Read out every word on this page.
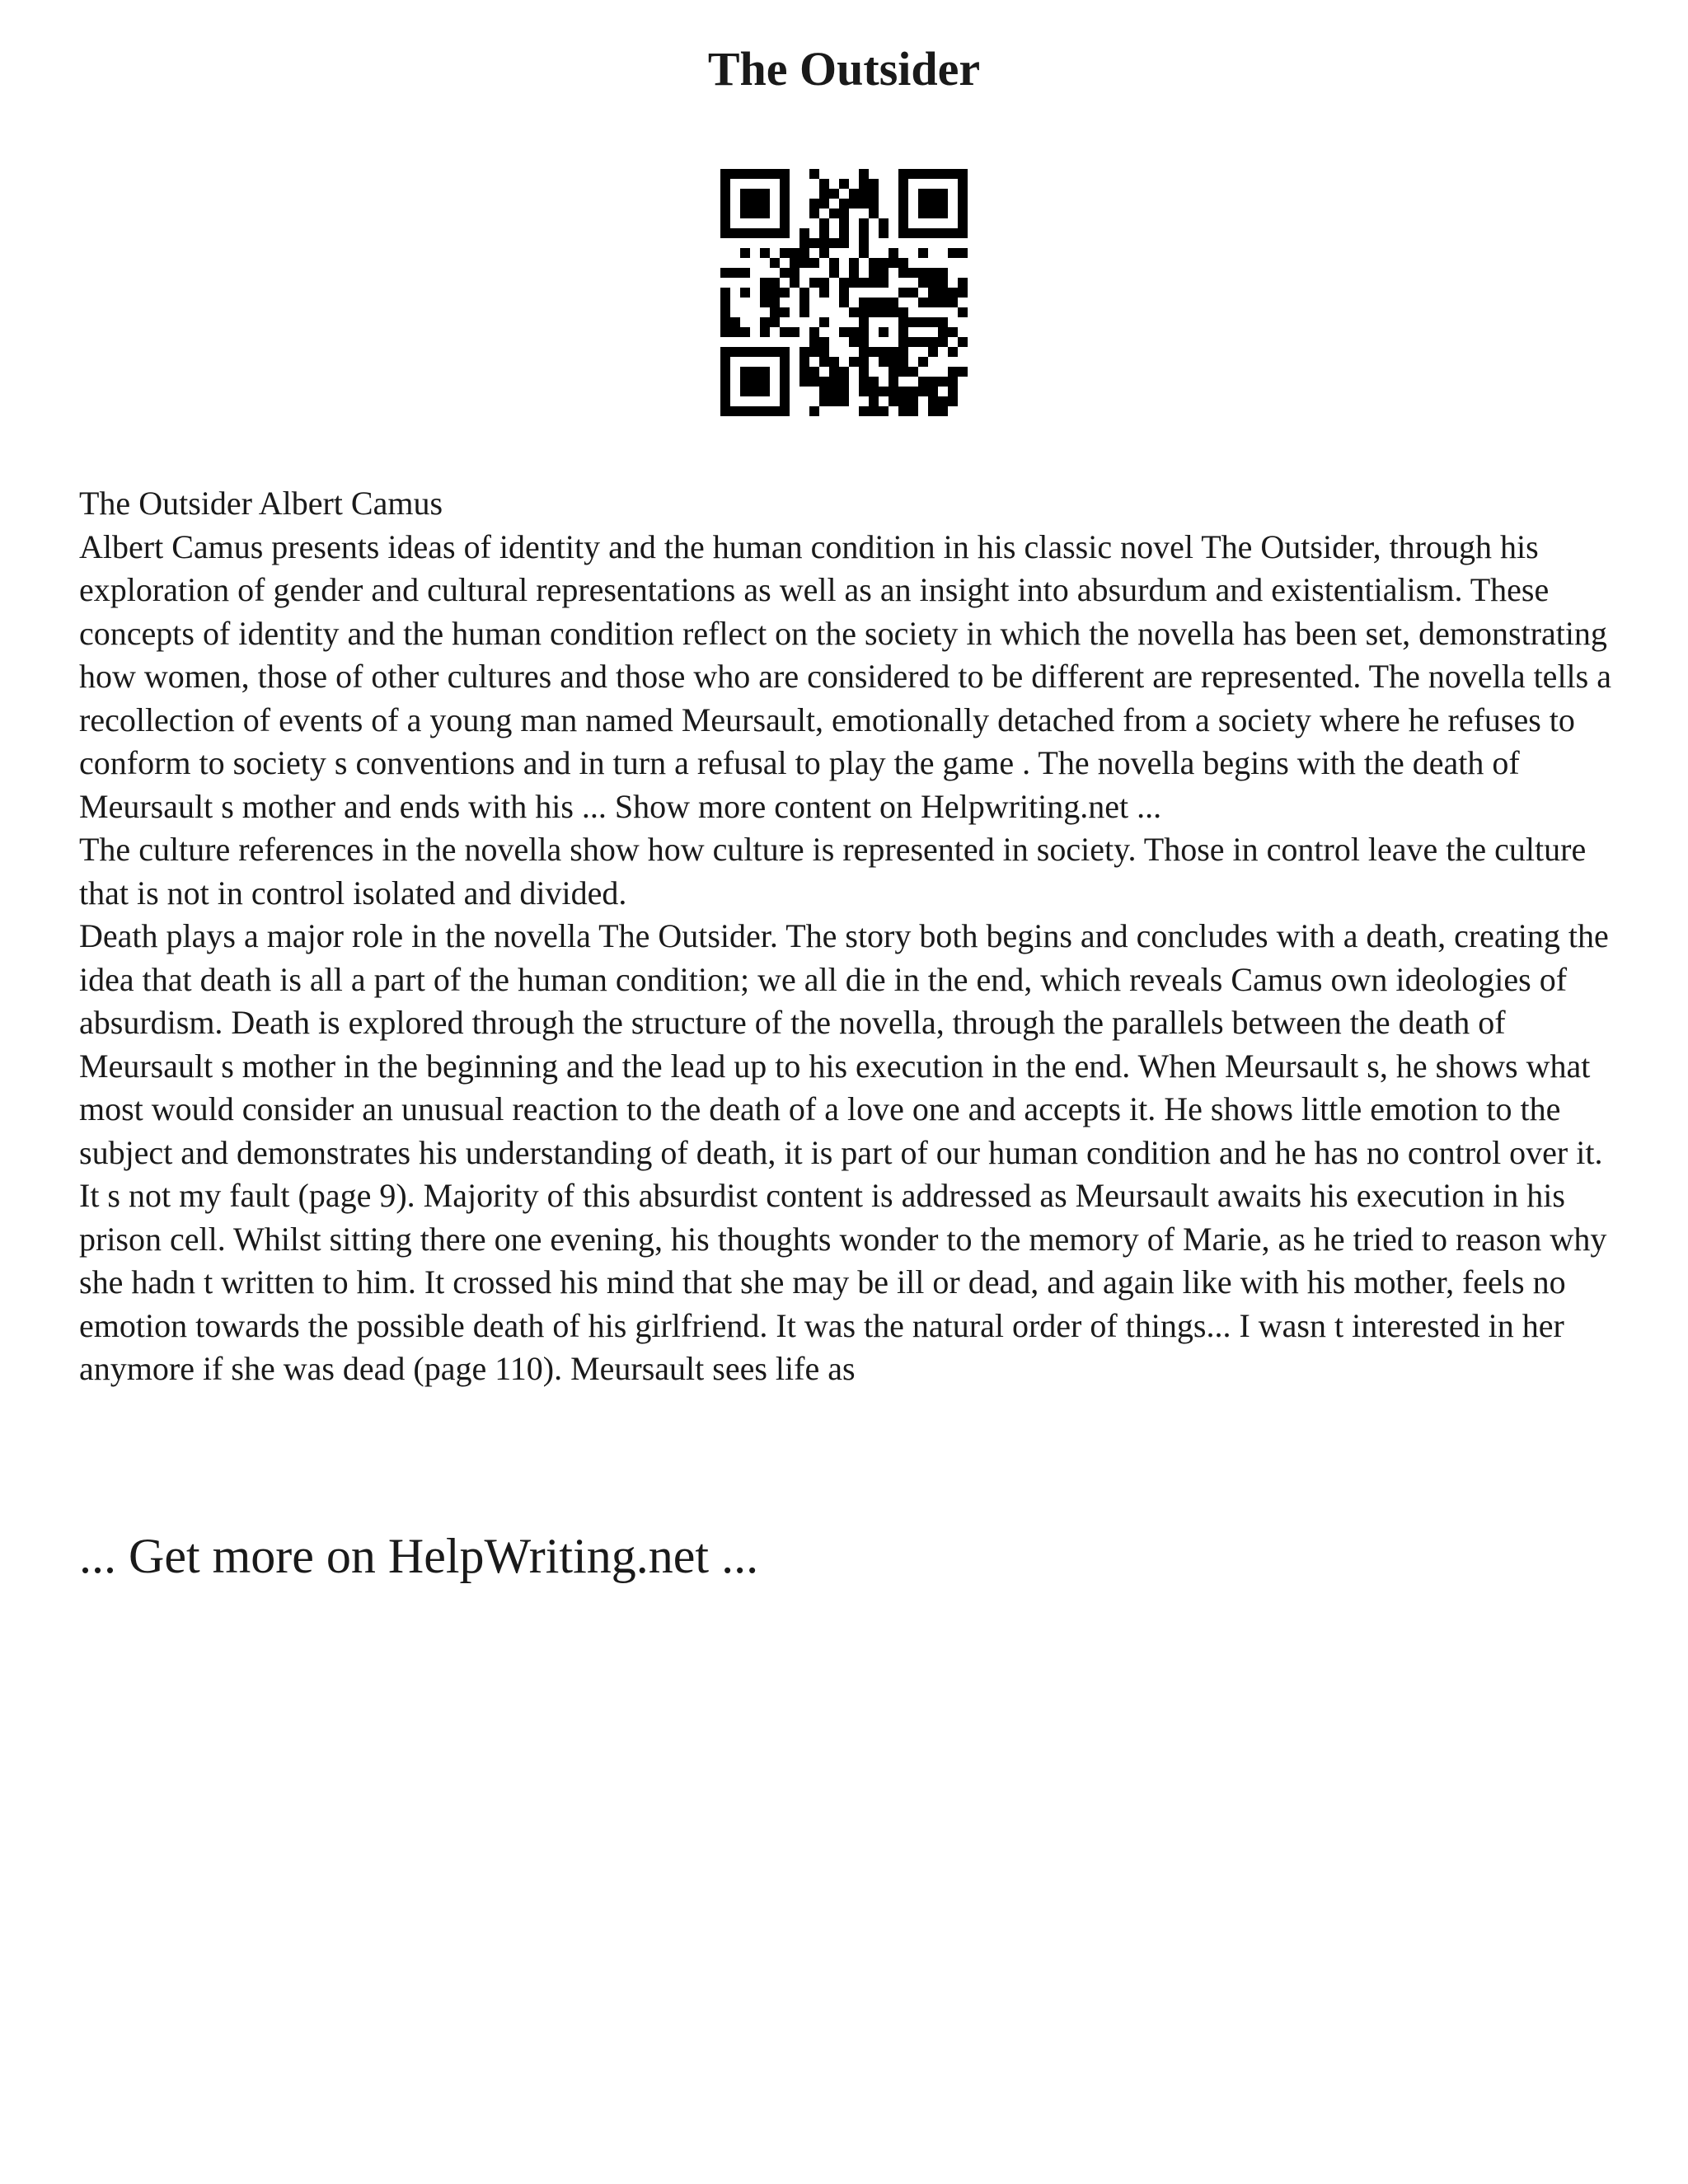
The Outsider

The Outsider Albert Camus

Albert Camus presents ideas of identity and the human condition in his classic novel The Outsider, through his exploration of gender and cultural representations as well as an insight into absurdum and existentialism. These concepts of identity and the human condition reflect on the society in which the novella has been set, demonstrating how women, those of other cultures and those who are considered to be different are represented. The novella tells a recollection of events of a young man named Meursault, emotionally detached from a society where he refuses to conform to society s conventions and in turn a refusal to play the game . The novella begins with the death of Meursault s mother and ends with his ... Show more content on Helpwriting.net ...

The culture references in the novella show how culture is represented in society. Those in control leave the culture that is not in control isolated and divided.

Death plays a major role in the novella The Outsider. The story both begins and concludes with a death, creating the idea that death is all a part of the human condition; we all die in the end, which reveals Camus own ideologies of absurdism. Death is explored through the structure of the novella, through the parallels between the death of Meursault s mother in the beginning and the lead up to his execution in the end. When Meursault s, he shows what most would consider an unusual reaction to the death of a love one and accepts it. He shows little emotion to the subject and demonstrates his understanding of death, it is part of our human condition and he has no control over it. It s not my fault (page 9). Majority of this absurdist content is addressed as Meursault awaits his execution in his prison cell. Whilst sitting there one evening, his thoughts wonder to the memory of Marie, as he tried to reason why she hadn t written to him. It crossed his mind that she may be ill or dead, and again like with his mother, feels no emotion towards the possible death of his girlfriend. It was the natural order of things... I wasn t interested in her anymore if she was dead (page 110). Meursault sees life as

... Get more on HelpWriting.net ...
